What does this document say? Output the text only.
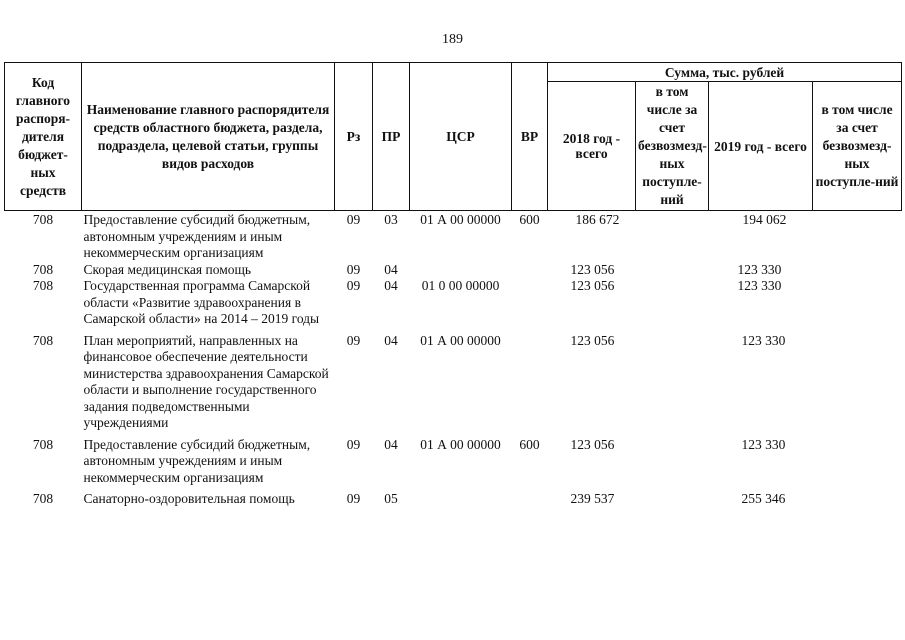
189
Код главного распоря-дителя бюджет-ных средств	Наименование главного распорядителя средств областного бюджета, раздела, подраздела, целевой статьи, группы видов расходов	Рз	ПР	ЦСР	ВР	Сумма, тыс. рублей			
						2018 год - всего	в том числе за счет безвозмезд-ных поступле-ний	2019 год - всего	в том числе за счет безвозмезд-ных поступле-ний
708	Предоставление субсидий бюджетным, автономным учреждениям и иным некоммерческим организациям	09	03	01 А 00 00000	600	186 672		194 062	
708	Скорая медицинская помощь	09	04			123 056		123 330	
708	Государственная программа Самарской области «Развитие здравоохранения в Самарской области» на 2014 – 2019 годы	09	04	01 0 00 00000		123 056		123 330	
708	План мероприятий, направленных на финансовое обеспечение деятельности министерства здравоохранения Самарской области и выполнение государственного задания подведомственными учреждениями	09	04	01 А 00 00000		123 056		123 330	
708	Предоставление субсидий бюджетным, автономным учреждениям и иным некоммерческим организациям	09	04	01 А 00 00000	600	123 056		123 330	
708	Санаторно-оздоровительная помощь	09	05			239 537		255 346	
